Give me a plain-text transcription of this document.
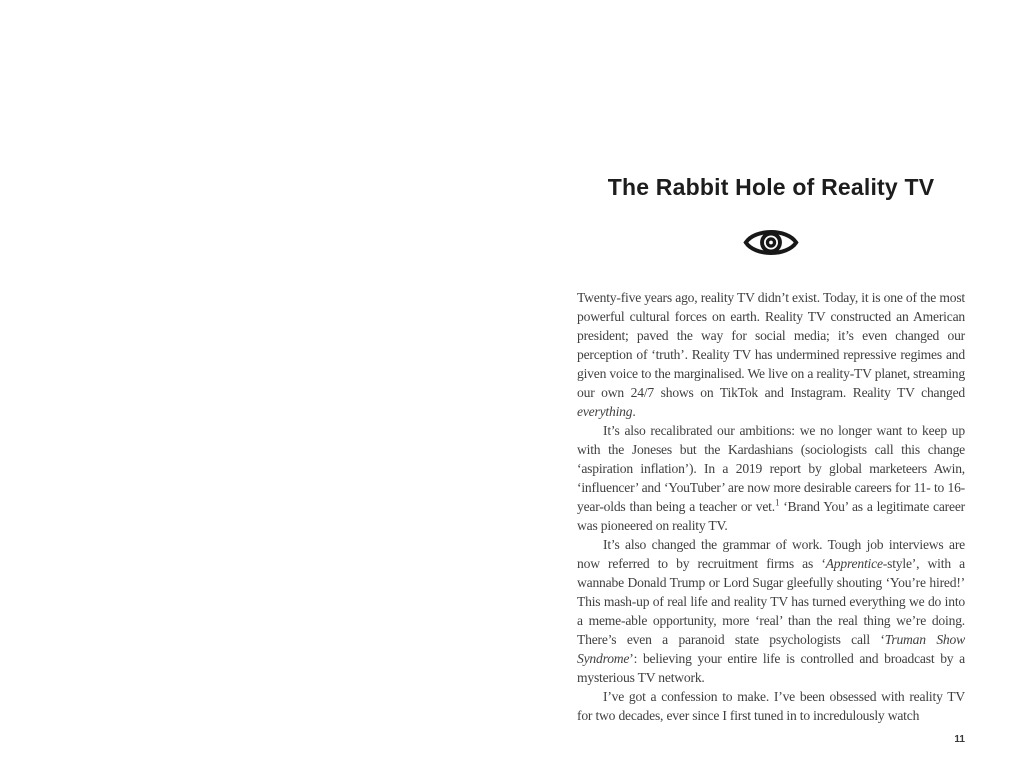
The Rabbit Hole of Reality TV

Twenty-five years ago, reality TV didn’t exist. Today, it is one of the most powerful cultural forces on earth. Reality TV constructed an American president; paved the way for social media; it’s even changed our perception of ‘truth’. Reality TV has undermined repressive regimes and given voice to the marginalised. We live on a reality-TV planet, streaming our own 24/7 shows on TikTok and Instagram. Reality TV changed everything.

It’s also recalibrated our ambitions: we no longer want to keep up with the Joneses but the Kardashians (sociologists call this change ‘aspiration inflation’). In a 2019 report by global marketeers Awin, ‘influencer’ and ‘YouTuber’ are now more desirable careers for 11- to 16-year-olds than being a teacher or vet.$^1$ ‘Brand You’ as a legitimate career was pioneered on reality TV.

It’s also changed the grammar of work. Tough job interviews are now referred to by recruitment firms as ‘Apprentice-style’, with a wannabe Donald Trump or Lord Sugar gleefully shouting ‘You’re hired!’ This mash-up of real life and reality TV has turned everything we do into a meme-able opportunity, more ‘real’ than the real thing we’re doing. There’s even a paranoid state psychologists call ‘Truman Show Syndrome’: believing your entire life is controlled and broadcast by a mysterious TV network.

I’ve got a confession to make. I’ve been obsessed with reality TV for two decades, ever since I first tuned in to incredulously watch

11
